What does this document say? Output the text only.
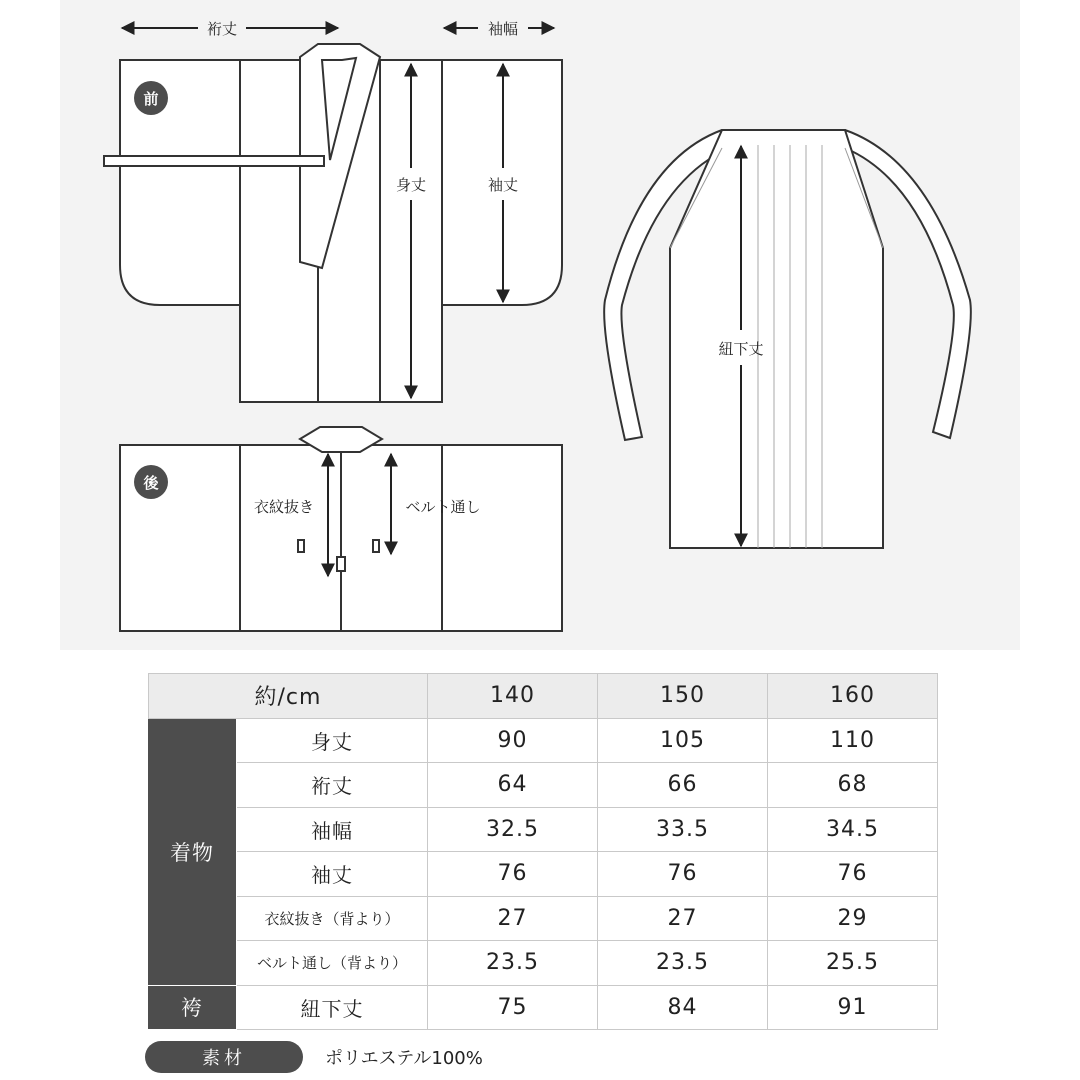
前
裄丈	袖幅
身丈	袖丈
後
衣紋抜き	ベルト通し
紐下丈
約/cm		140	150	160
着物	身丈	90	105	110
	裄丈	64	66	68
	袖幅	32.5	33.5	34.5
	袖丈	76	76	76
	衣紋抜き（背より）	27	27	29
	ベルト通し（背より）	23.5	23.5	25.5
袴	紐下丈	75	84	91
素材	ポリエステル100%
